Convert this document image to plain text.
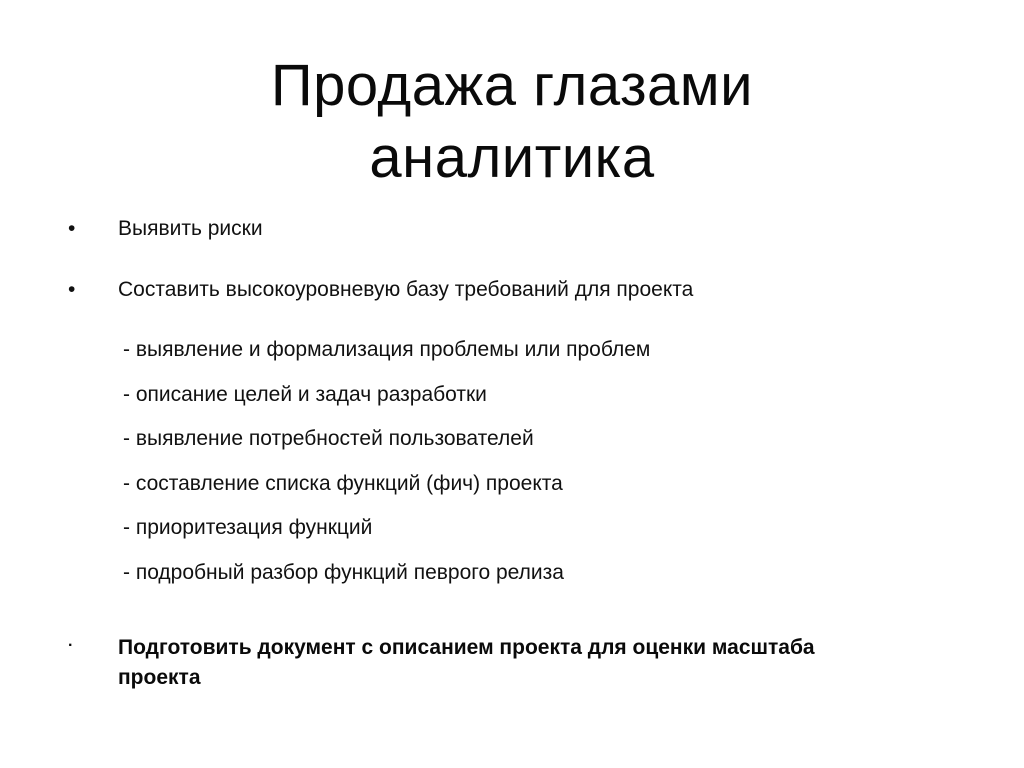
Продажа глазами
аналитика
•	Выявить риски
•	Составить высокоуровневую базу требований для проекта
- выявление и формализация проблемы или проблем
- описание целей и задач разработки
- выявление потребностей пользователей
- составление списка функций (фич) проекта
- приоритезация функций
- подробный разбор функций певрого релиза
· Подготовить документ с описанием проекта для оценки масштаба проекта
